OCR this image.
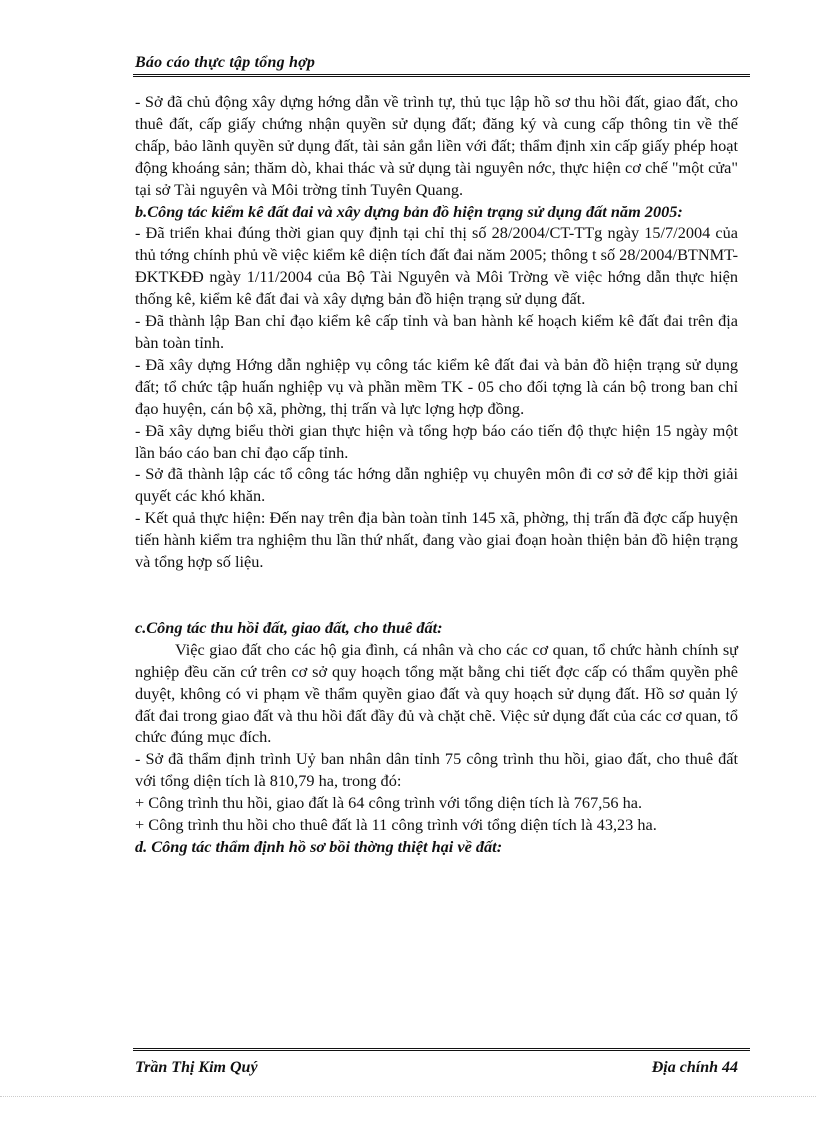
Báo cáo thực tập tổng hợp

- Sở đã chủ động xây dựng hớng dẫn về trình tự, thủ tục lập hồ sơ thu hồi đất, giao đất, cho thuê đất, cấp giấy chứng nhận quyền sử dụng đất; đăng ký và cung cấp thông tin về thế chấp, bảo lãnh quyền sử dụng đất, tài sản gắn liền với đất; thẩm định xin cấp giấy phép hoạt động khoáng sản; thăm dò, khai thác và sử dụng tài nguyên nớc, thực hiện cơ chế "một cửa" tại sở Tài nguyên và Môi trờng tỉnh Tuyên Quang.

b.Công tác kiểm kê đất đai và xây dựng bản đồ hiện trạng sử dụng đất năm 2005:

- Đã triển khai đúng thời gian quy định tại chỉ thị số 28/2004/CT-TTg ngày 15/7/2004 của thủ tớng chính phủ về việc kiểm kê diện tích đất đai năm 2005; thông t số 28/2004/BTNMT-ĐKTKĐĐ ngày 1/11/2004 của Bộ Tài Nguyên và Môi Trờng về việc hớng dẫn thực hiện thống kê, kiểm kê đất đai và xây dựng bản đồ hiện trạng sử dụng đất.

- Đã thành lập Ban chỉ đạo kiểm kê cấp tỉnh và ban hành kế hoạch kiểm kê đất đai trên địa bàn toàn tỉnh.

- Đã xây dựng Hớng dẫn nghiệp vụ công tác kiểm kê đất đai và bản đồ hiện trạng sử dụng đất; tổ chức tập huấn nghiệp vụ và phần mềm TK - 05 cho đối tợng là cán bộ trong ban chỉ đạo huyện, cán bộ xã, phờng, thị trấn và lực lợng hợp đồng.

- Đã xây dựng biểu thời gian thực hiện và tổng hợp báo cáo tiến độ thực hiện 15 ngày một lần báo cáo ban chỉ đạo cấp tỉnh.

- Sở đã thành lập các tổ công tác hớng dẫn nghiệp vụ chuyên môn đi cơ sở để kịp thời giải quyết các khó khăn.

- Kết quả thực hiện: Đến nay trên địa bàn toàn tỉnh 145 xã, phờng, thị trấn đã đợc cấp huyện tiến hành kiểm tra nghiệm thu lần thứ nhất, đang vào giai đoạn hoàn thiện bản đồ hiện trạng và tổng hợp số liệu.

c.Công tác thu hồi đất, giao đất, cho thuê đất:

Việc giao đất cho các hộ gia đình, cá nhân và cho các cơ quan, tổ chức hành chính sự nghiệp đều căn cứ trên cơ sở quy hoạch tổng mặt bằng chi tiết đợc cấp có thẩm quyền phê duyệt, không có vi phạm về thẩm quyền giao đất và quy hoạch sử dụng đất. Hồ sơ quản lý đất đai trong giao đất và thu hồi đất đầy đủ và chặt chẽ. Việc sử dụng đất của các cơ quan, tổ chức đúng mục đích.

- Sở đã thẩm định trình Uỷ ban nhân dân tỉnh 75 công trình thu hồi, giao đất, cho thuê đất với tổng diện tích là 810,79 ha, trong đó:

+ Công trình thu hồi, giao đất là 64 công trình với tổng diện tích là 767,56 ha.

+ Công trình thu hồi cho thuê đất là 11 công trình với tổng diện tích là 43,23 ha.

d. Công tác thẩm định hồ sơ bồi thờng thiệt hại về đất:

Trần Thị Kim Quý	Địa chính 44
